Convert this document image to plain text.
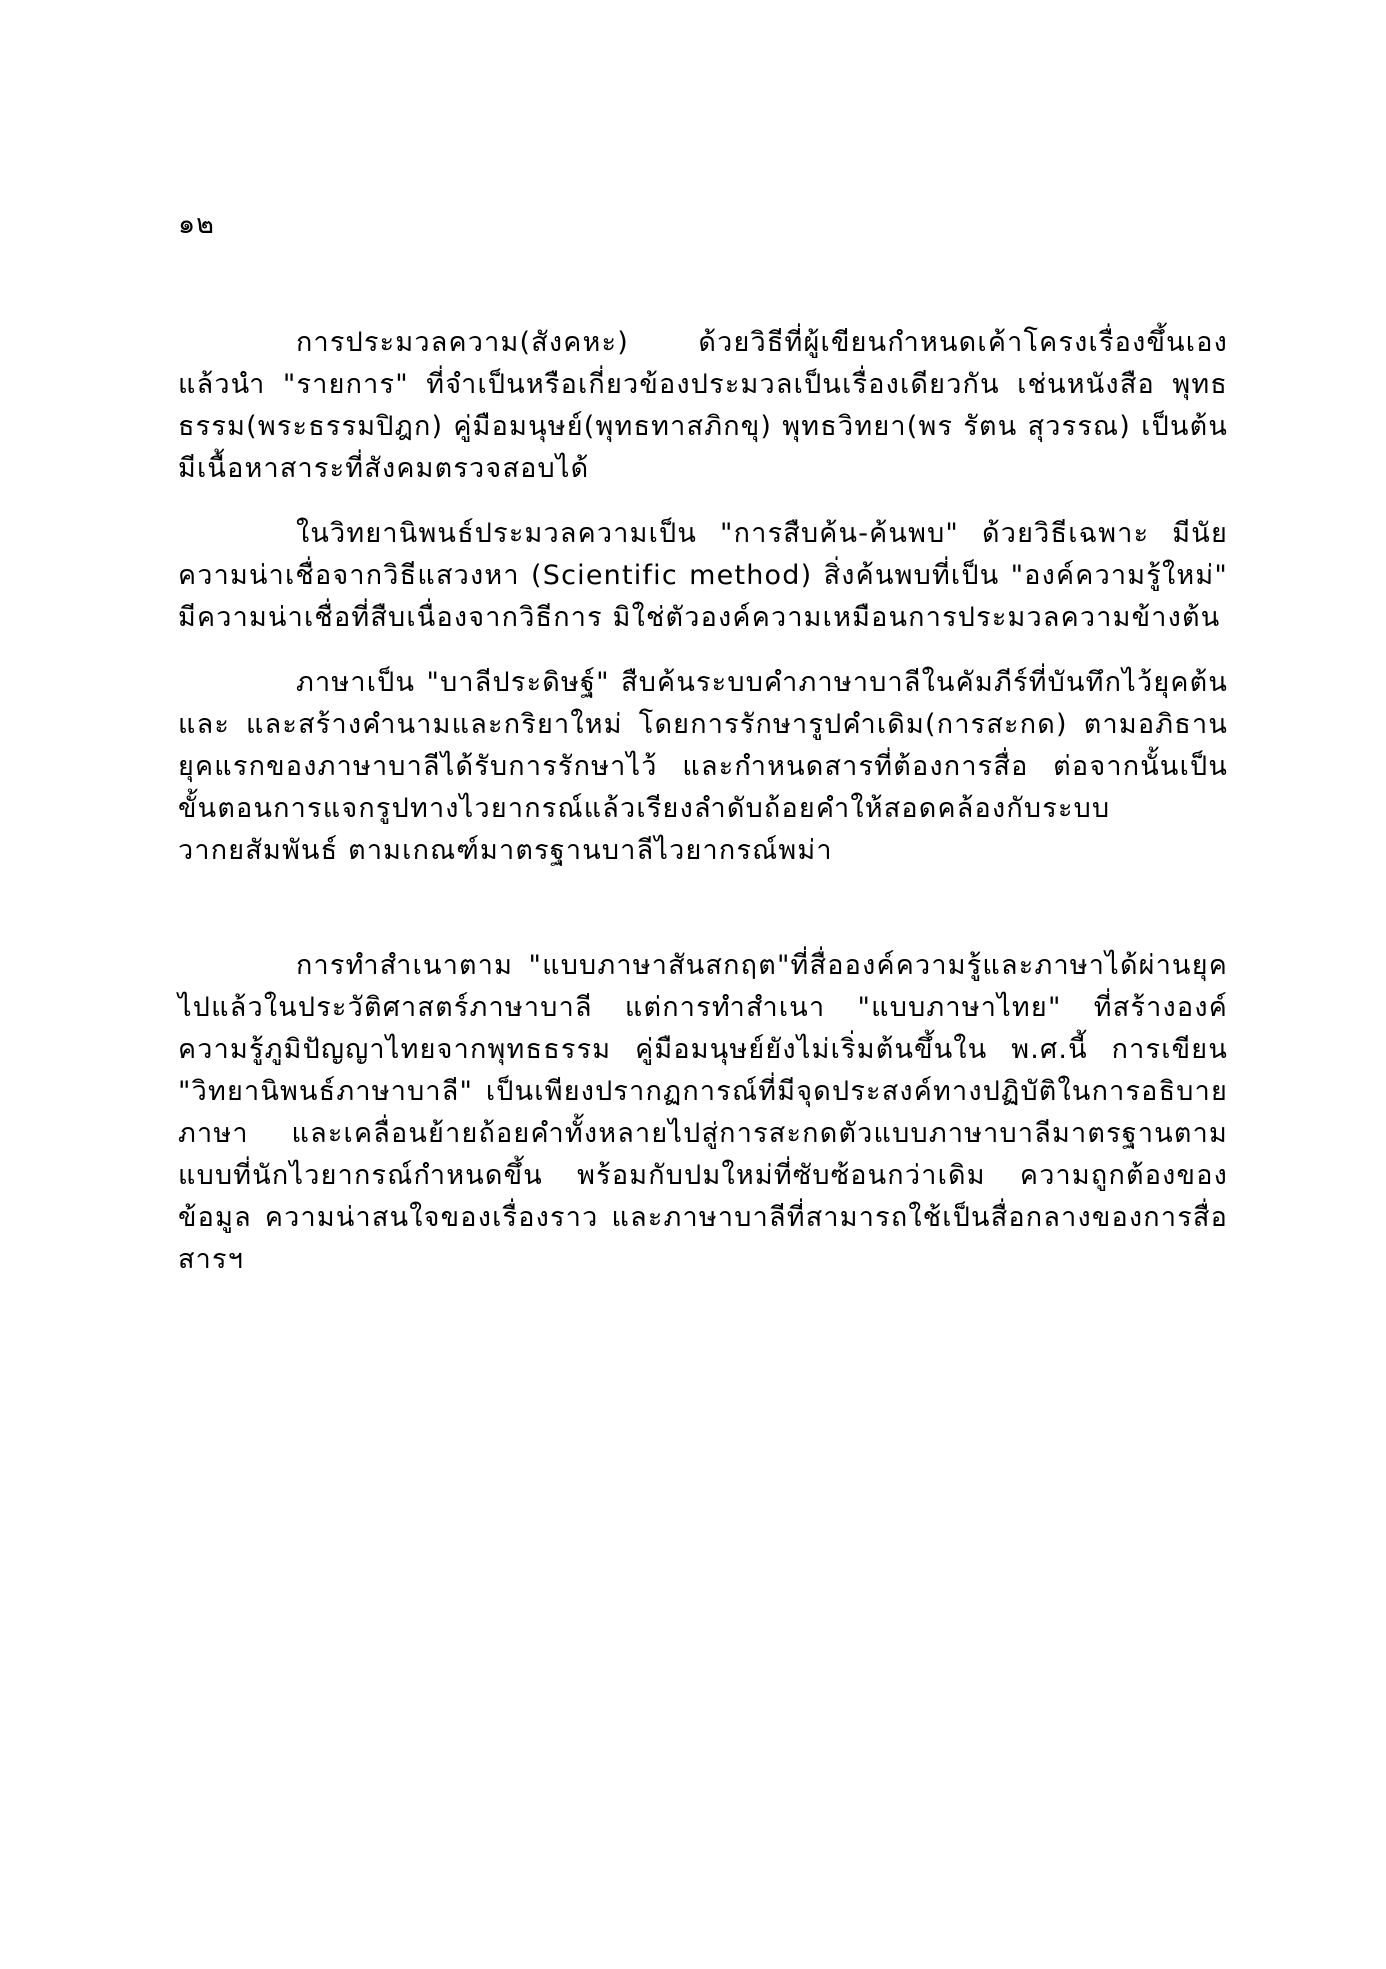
๑๒

การประมวลความ(สังคหะ) ด้วยวิธีที่ผู้เขียนกำหนดเค้าโครงเรื่องขึ้นเอง แล้วนำ "รายการ" ที่จำเป็นหรือเกี่ยวข้องประมวลเป็นเรื่องเดียวกัน เช่นหนังสือ พุทธธรรม(พระธรรมปิฎก) คู่มือมนุษย์(พุทธทาสภิกขุ) พุทธวิทยา(พร รัตน สุวรรณ) เป็นต้น มีเนื้อหาสาระที่สังคมตรวจสอบได้

ในวิทยานิพนธ์ประมวลความเป็น "การสืบค้น-ค้นพบ" ด้วยวิธีเฉพาะ มีนัยความน่าเชื่อจากวิธีแสวงหา (Scientific method) สิ่งค้นพบที่เป็น "องค์ความรู้ใหม่" มีความน่าเชื่อที่สืบเนื่องจากวิธีการ มิใช่ตัวองค์ความเหมือนการประมวลความข้างต้น

ภาษาเป็น "บาลีประดิษฐ์" สืบค้นระบบคำภาษาบาลีในคัมภีร์ที่บันทึกไว้ยุคต้น และ และสร้างคำนามและกริยาใหม่ โดยการรักษารูปคำเดิม(การสะกด) ตามอภิธานยุคแรกของภาษาบาลีได้รับการรักษาไว้ และกำหนดสารที่ต้องการสื่อ ต่อจากนั้นเป็นขั้นตอนการแจกรูปทางไวยากรณ์แล้วเรียงลำดับถ้อยคำให้สอดคล้องกับระบบวากยสัมพันธ์ ตามเกณฑ์มาตรฐานบาลีไวยากรณ์พม่า

การทำสำเนาตาม "แบบภาษาสันสกฤต"ที่สื่อองค์ความรู้และภาษาได้ผ่านยุคไปแล้วในประวัติศาสตร์ภาษาบาลี แต่การทำสำเนา "แบบภาษาไทย" ที่สร้างองค์ความรู้ภูมิปัญญาไทยจากพุทธธรรม คู่มือมนุษย์ยังไม่เริ่มต้นขึ้นใน พ.ศ.นี้ การเขียน "วิทยานิพนธ์ภาษาบาลี" เป็นเพียงปรากฏการณ์ที่มีจุดประสงค์ทางปฏิบัติในการอธิบายภาษา และเคลื่อนย้ายถ้อยคำทั้งหลายไปสู่การสะกดตัวแบบภาษาบาลีมาตรฐานตามแบบที่นักไวยากรณ์กำหนดขึ้น พร้อมกับปมใหม่ที่ซับซ้อนกว่าเดิม ความถูกต้องของข้อมูล ความน่าสนใจของเรื่องราว และภาษาบาลีที่สามารถใช้เป็นสื่อกลางของการสื่อสารฯ
